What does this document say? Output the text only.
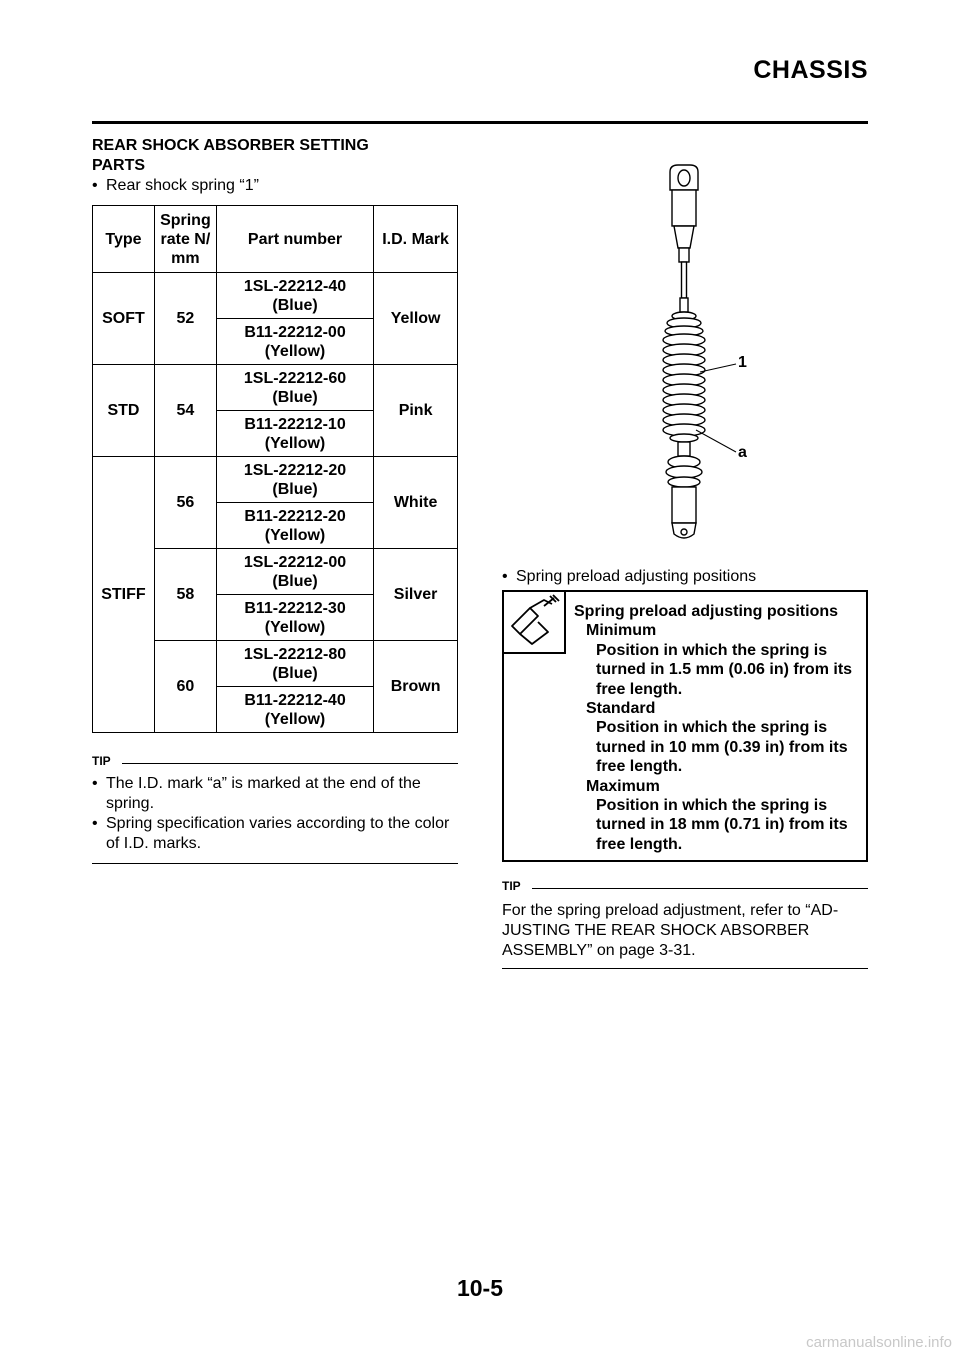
CHASSIS
REAR SHOCK ABSORBER SETTING
PARTS
• Rear shock spring “1”
Type	Spring rate N/ mm	Part number	I.D. Mark
SOFT	52	1SL-22212-40 (Blue)	Yellow
		B11-22212-00 (Yellow)	
STD	54	1SL-22212-60 (Blue)	Pink
		B11-22212-10 (Yellow)	
STIFF	56	1SL-22212-20 (Blue)	White
		B11-22212-20 (Yellow)	
	58	1SL-22212-00 (Blue)	Silver
		B11-22212-30 (Yellow)	
	60	1SL-22212-80 (Blue)	Brown
		B11-22212-40 (Yellow)	
TIP
• The I.D. mark “a” is marked at the end of the spring.
• Spring specification varies according to the color of I.D. marks.
1
a
• Spring preload adjusting positions
Spring preload adjusting positions
Minimum
Position in which the spring is turned in 1.5 mm (0.06 in) from its free length.
Standard
Position in which the spring is turned in 10 mm (0.39 in) from its free length.
Maximum
Position in which the spring is turned in 18 mm (0.71 in) from its free length.
TIP
For the spring preload adjustment, refer to “AD- JUSTING THE REAR SHOCK ABSORBER ASSEMBLY” on page 3-31.
10-5
carmanualsonline.info
